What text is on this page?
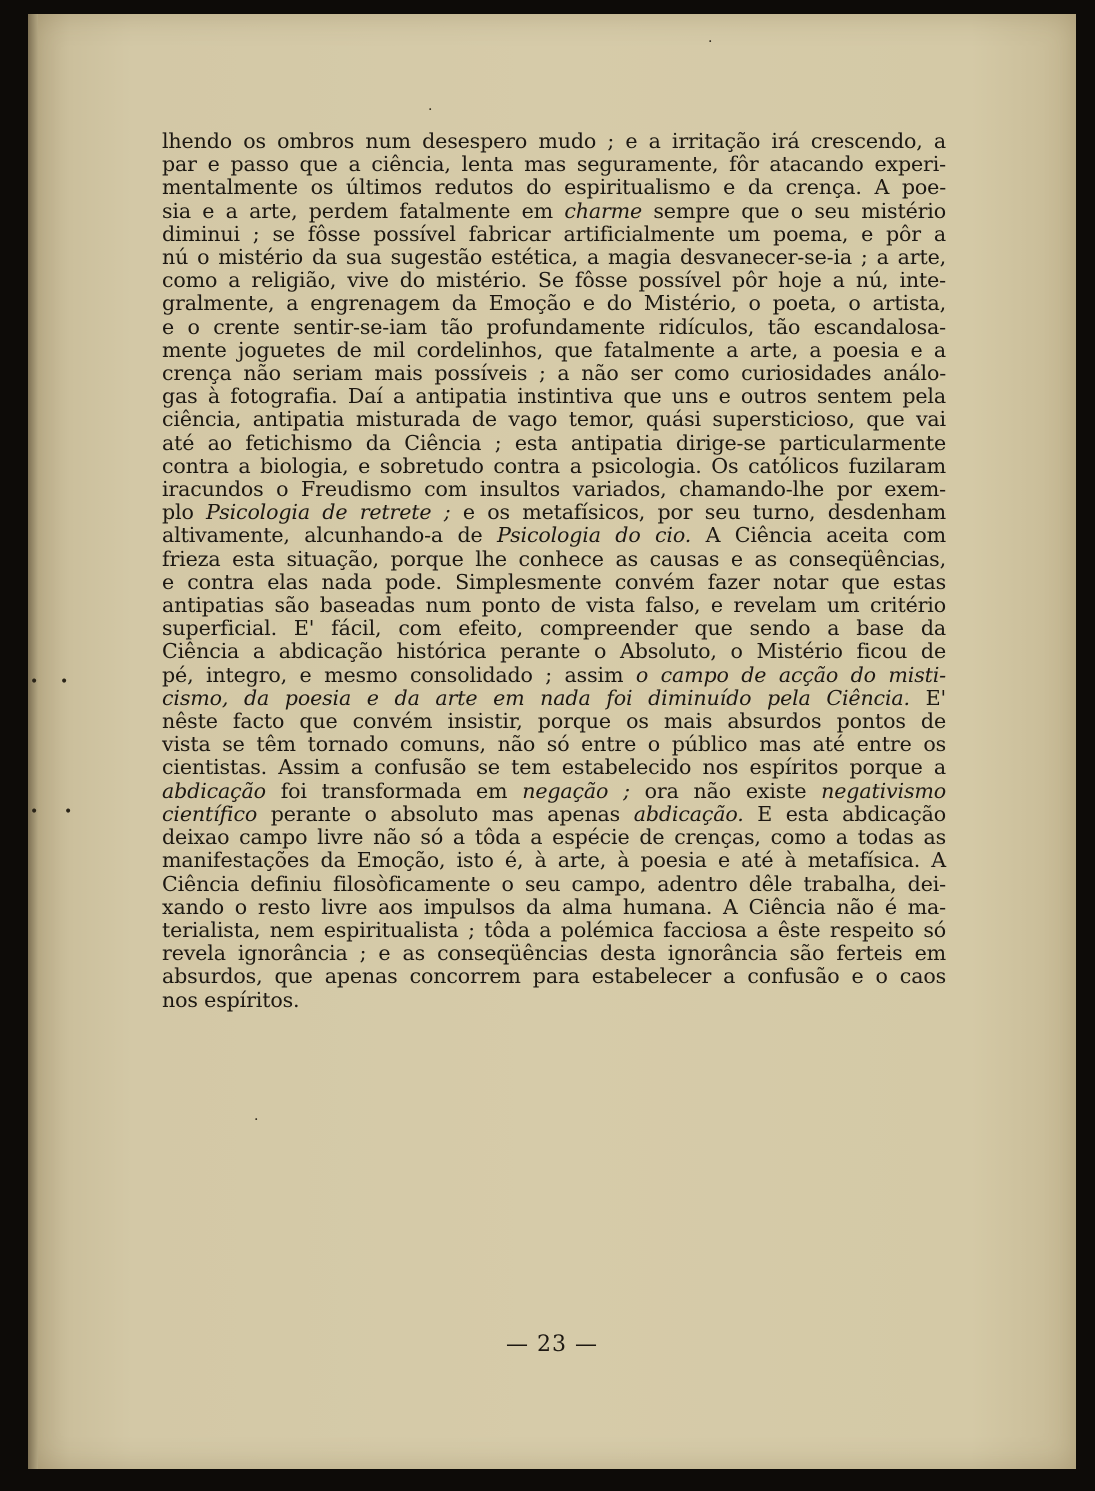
·
·
• •
• •
·
lhendo os ombros num desespero mudo ; e a irritação irá crescendo, a
par e passo que a ciência, lenta mas seguramente, fôr atacando experi-
mentalmente os últimos redutos do espiritualismo e da crença. A poe-
sia e a arte, perdem fatalmente em charme sempre que o seu mistério
diminui ; se fôsse possível fabricar artificialmente um poema, e pôr a
nú o mistério da sua sugestão estética, a magia desvanecer-se-ia ; a arte,
como a religião, vive do mistério. Se fôsse possível pôr hoje a nú, inte-
gralmente, a engrenagem da Emoção e do Mistério, o poeta, o artista,
e o crente sentir-se-iam tão profundamente ridículos, tão escandalosa-
mente joguetes de mil cordelinhos, que fatalmente a arte, a poesia e a
crença não seriam mais possíveis ; a não ser como curiosidades análo-
gas à fotografia. Daí a antipatia instintiva que uns e outros sentem pela
ciência, antipatia misturada de vago temor, quási supersticioso, que vai
até ao fetichismo da Ciência ; esta antipatia dirige-se particularmente
contra a biologia, e sobretudo contra a psicologia. Os católicos fuzilaram
iracundos o Freudismo com insultos variados, chamando-lhe por exem-
plo Psicologia de retrete ; e os metafísicos, por seu turno, desdenham
altivamente, alcunhando-a de Psicologia do cio. A Ciência aceita com
frieza esta situação, porque lhe conhece as causas e as conseqüências,
e contra elas nada pode. Simplesmente convém fazer notar que estas
antipatias são baseadas num ponto de vista falso, e revelam um critério
superficial. E' fácil, com efeito, compreender que sendo a base da
Ciência a abdicação histórica perante o Absoluto, o Mistério ficou de
pé, integro, e mesmo consolidado ; assim o campo de acção do misti-
cismo, da poesia e da arte em nada foi diminuído pela Ciência. E'
nêste facto que convém insistir, porque os mais absurdos pontos de
vista se têm tornado comuns, não só entre o público mas até entre os
cientistas. Assim a confusão se tem estabelecido nos espíritos porque a
abdicação foi transformada em negação ; ora não existe negativismo
científico perante o absoluto mas apenas abdicação. E esta abdicação
deixao campo livre não só a tôda a espécie de crenças, como a todas as
manifestações da Emoção, isto é, à arte, à poesia e até à metafísica. A
Ciência definiu filosòficamente o seu campo, adentro dêle trabalha, dei-
xando o resto livre aos impulsos da alma humana. A Ciência não é ma-
terialista, nem espiritualista ; tôda a polémica facciosa a êste respeito só
revela ignorância ; e as conseqüências desta ignorância são ferteis em
absurdos, que apenas concorrem para estabelecer a confusão e o caos
nos espíritos.
— 23 —
